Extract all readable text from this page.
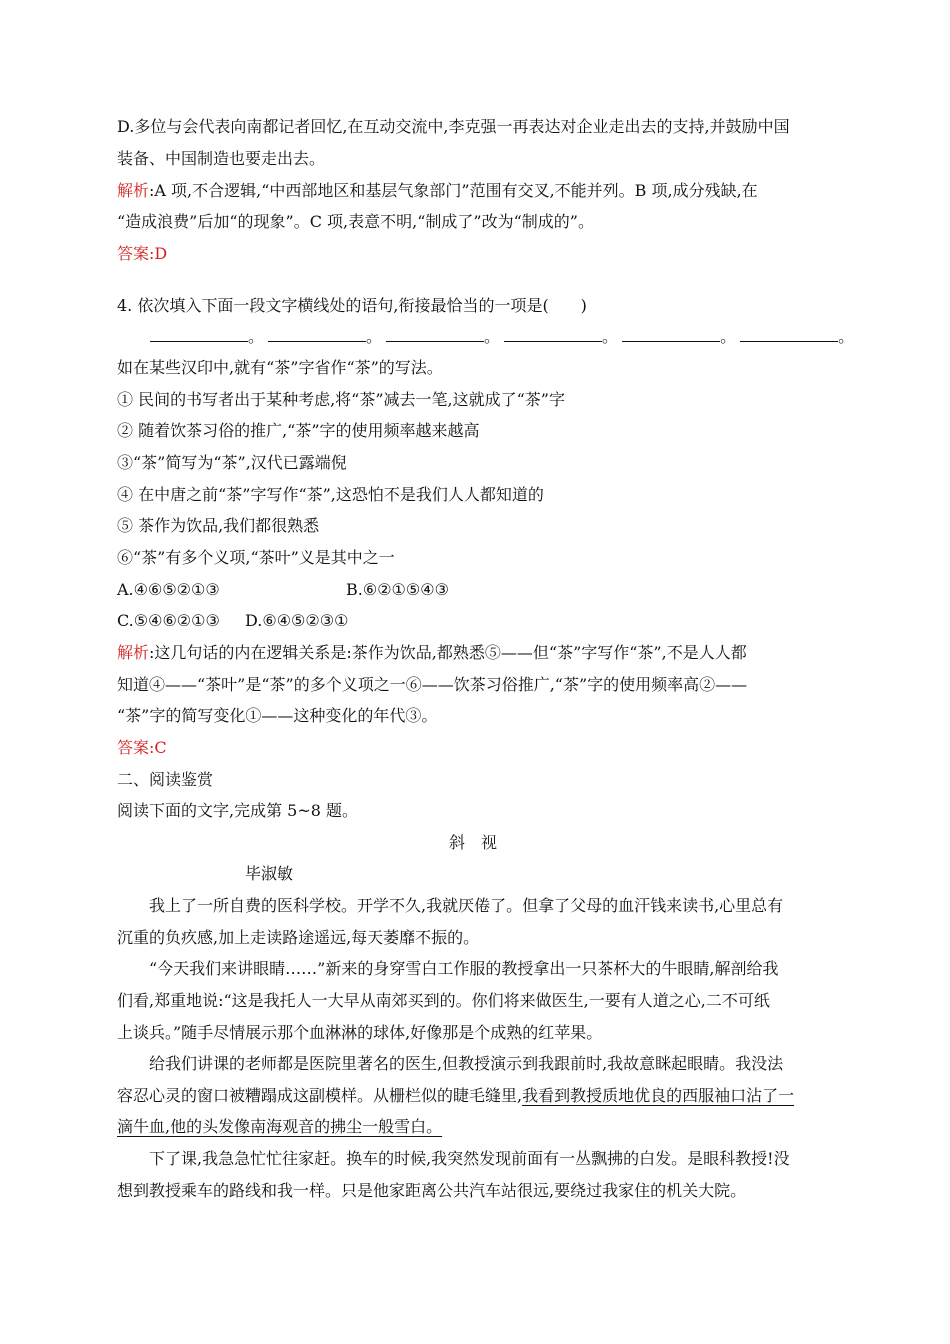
D.多位与会代表向南都记者回忆,在互动交流中,李克强一再表达对企业走出去的支持,并鼓励中国
装备、中国制造也要走出去。
解析:A 项,不合逻辑,“中西部地区和基层气象部门”范围有交叉,不能并列。B 项,成分残缺,在
“造成浪费”后加“的现象”。C 项,表意不明,“制成了”改为“制成的”。
答案:D
4. 依次填入下面一段文字横线处的语句,衔接最恰当的一项是(　　)
。	。	。	。	。	。
如在某些汉印中,就有“茶”字省作“茶”的写法。
① 民间的书写者出于某种考虑,将“茶”减去一笔,这就成了“茶”字
② 随着饮茶习俗的推广,“茶”字的使用频率越来越高
③“茶”简写为“茶”,汉代已露端倪
④ 在中唐之前“茶”字写作“茶”,这恐怕不是我们人人都知道的
⑤ 茶作为饮品,我们都很熟悉
⑥“茶”有多个义项,“茶叶”义是其中之一
A.④⑥⑤②①③	B.⑥②①⑤④③
C.⑤④⑥②①③ D.⑥④⑤②③①
解析:这几句话的内在逻辑关系是:茶作为饮品,都熟悉⑤——但“茶”字写作“茶”,不是人人都
知道④——“茶叶”是“茶”的多个义项之一⑥——饮茶习俗推广,“茶”字的使用频率高②——
“茶”字的简写变化①——这种变化的年代③。
答案:C
二、阅读鉴赏
阅读下面的文字,完成第 5~8 题。
斜　视
毕淑敏
我上了一所自费的医科学校。开学不久,我就厌倦了。但拿了父母的血汗钱来读书,心里总有
沉重的负疚感,加上走读路途遥远,每天萎靡不振的。
“今天我们来讲眼睛……”新来的身穿雪白工作服的教授拿出一只茶杯大的牛眼睛,解剖给我
们看,郑重地说:“这是我托人一大早从南郊买到的。你们将来做医生,一要有人道之心,二不可纸
上谈兵。”随手尽情展示那个血淋淋的球体,好像那是个成熟的红苹果。
给我们讲课的老师都是医院里著名的医生,但教授演示到我跟前时,我故意眯起眼睛。我没法
容忍心灵的窗口被糟蹋成这副模样。从栅栏似的睫毛缝里,我看到教授质地优良的西服袖口沾了一
滴牛血,他的头发像南海观音的拂尘一般雪白。
下了课,我急急忙忙往家赶。换车的时候,我突然发现前面有一丛飘拂的白发。是眼科教授!没
想到教授乘车的路线和我一样。只是他家距离公共汽车站很远,要绕过我家住的机关大院。
